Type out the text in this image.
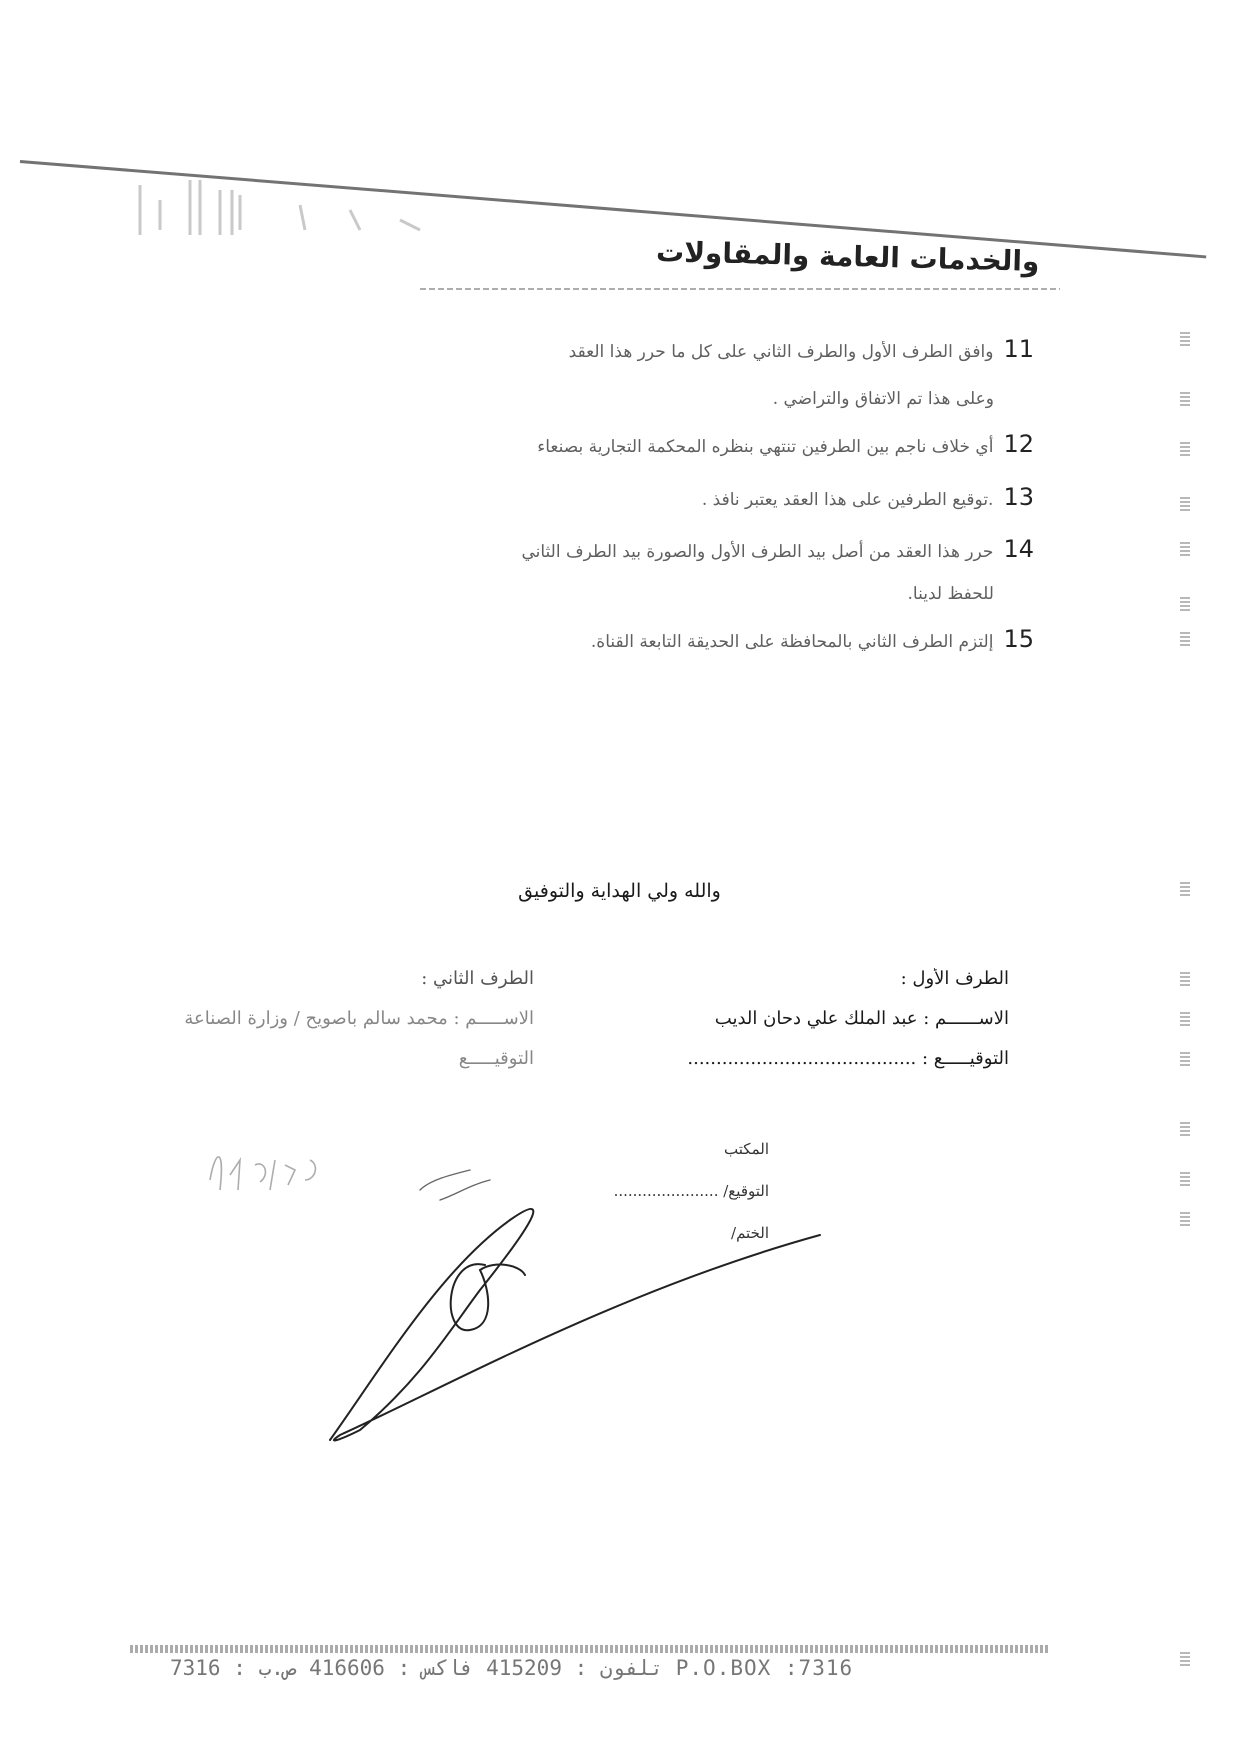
والخدمات العامة والمقاولات
11
وافق الطرف الأول والطرف الثاني على كل ما حرر هذا العقد
وعلى هذا تم الاتفاق والتراضي .
12
أي خلاف ناجم بين الطرفين تنتهي بنظره المحكمة التجارية بصنعاء
13
.توقيع الطرفين على هذا العقد يعتبر نافذ .
14
حرر هذا العقد من أصل بيد الطرف الأول والصورة بيد الطرف الثاني
للحفظ لدينا.
15
إلتزم الطرف الثاني بالمحافظة على الحديقة التابعة القناة.
والله ولي الهداية والتوفيق
الطرف الأول :
الاســــــم : عبد الملك علي دحان الديب
التوقيـــــع : ........................................
الطرف الثاني :
الاســـــم : محمد سالم باصويح / وزارة الصناعة
التوقيـــــع
المكتب
التوقيع/ ......................
الختم/
تلفون : 415209 فاكس : 416606 ص.ب : 7316 P.O.BOX :7316
